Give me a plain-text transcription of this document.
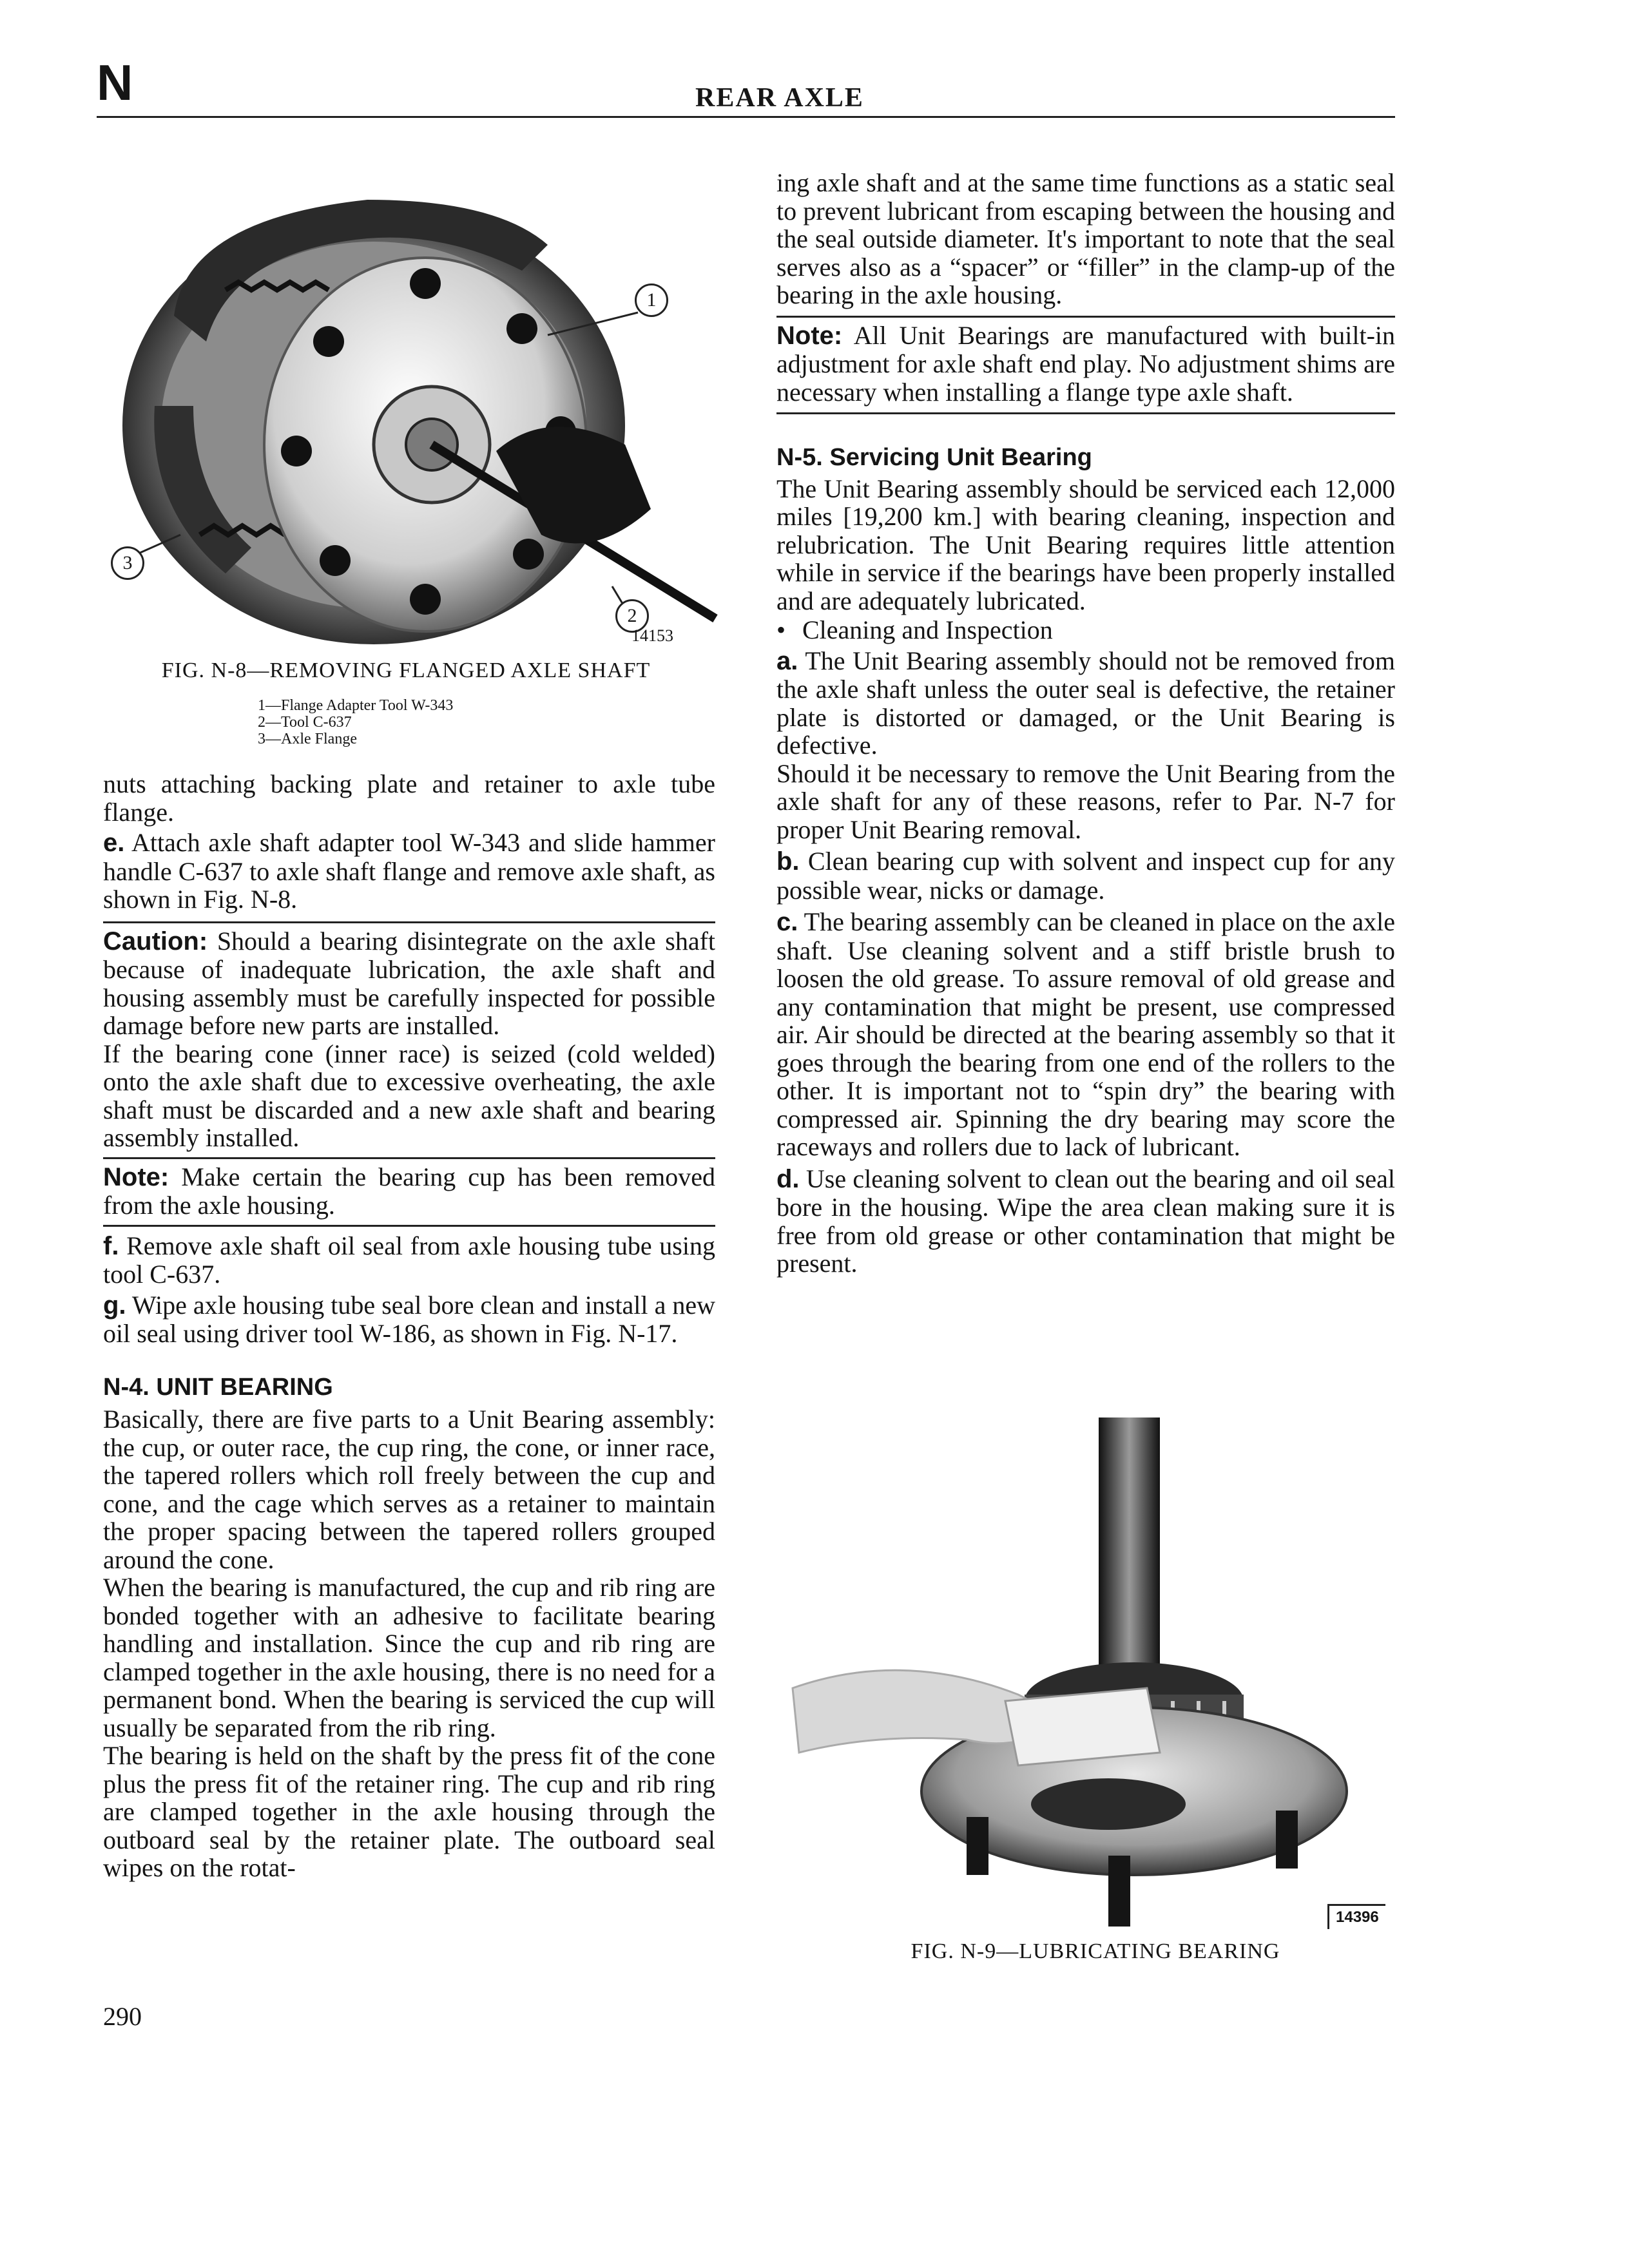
N	REAR AXLE
1
3
2
14153
FIG. N-8—REMOVING FLANGED AXLE SHAFT
1—Flange Adapter Tool W-343
2—Tool C-637
3—Axle Flange

nuts attaching backing plate and retainer to axle tube flange.

e. Attach axle shaft adapter tool W-343 and slide hammer handle C-637 to axle shaft flange and remove axle shaft, as shown in Fig. N-8.

Caution: Should a bearing disintegrate on the axle shaft because of inadequate lubrication, the axle shaft and housing assembly must be carefully inspected for possible damage before new parts are installed.

If the bearing cone (inner race) is seized (cold welded) onto the axle shaft due to excessive overheating, the axle shaft must be discarded and a new axle shaft and bearing assembly installed.

Note: Make certain the bearing cup has been removed from the axle housing.

f. Remove axle shaft oil seal from axle housing tube using tool C-637.

g. Wipe axle housing tube seal bore clean and install a new oil seal using driver tool W-186, as shown in Fig. N-17.

N-4. UNIT BEARING

Basically, there are five parts to a Unit Bearing assembly: the cup, or outer race, the cup ring, the cone, or inner race, the tapered rollers which roll freely between the cup and cone, and the cage which serves as a retainer to maintain the proper spacing between the tapered rollers grouped around the cone.

When the bearing is manufactured, the cup and rib ring are bonded together with an adhesive to facilitate bearing handling and installation. Since the cup and rib ring are clamped together in the axle housing, there is no need for a permanent bond. When the bearing is serviced the cup will usually be separated from the rib ring.

The bearing is held on the shaft by the press fit of the cone plus the press fit of the retainer ring. The cup and rib ring are clamped together in the axle housing through the outboard seal by the retainer plate. The outboard seal wipes on the rotat-

ing axle shaft and at the same time functions as a static seal to prevent lubricant from escaping between the housing and the seal outside diameter. It's important to note that the seal serves also as a “spacer” or “filler” in the clamp-up of the bearing in the axle housing.

Note: All Unit Bearings are manufactured with built-in adjustment for axle shaft end play. No adjustment shims are necessary when installing a flange type axle shaft.

N-5. Servicing Unit Bearing

The Unit Bearing assembly should be serviced each 12,000 miles [19,200 km.] with bearing cleaning, inspection and relubrication. The Unit Bearing requires little attention while in service if the bearings have been properly installed and are adequately lubricated.

• Cleaning and Inspection

a. The Unit Bearing assembly should not be removed from the axle shaft unless the outer seal is defective, the retainer plate is distorted or damaged, or the Unit Bearing is defective.

Should it be necessary to remove the Unit Bearing from the axle shaft for any of these reasons, refer to Par. N-7 for proper Unit Bearing removal.

b. Clean bearing cup with solvent and inspect cup for any possible wear, nicks or damage.

c. The bearing assembly can be cleaned in place on the axle shaft. Use cleaning solvent and a stiff bristle brush to loosen the old grease. To assure removal of old grease and any contamination that might be present, use compressed air. Air should be directed at the bearing assembly so that it goes through the bearing from one end of the rollers to the other. It is important not to “spin dry” the bearing with compressed air. Spinning the dry bearing may score the raceways and rollers due to lack of lubricant.

d. Use cleaning solvent to clean out the bearing and oil seal bore in the housing. Wipe the area clean making sure it is free from old grease or other contamination that might be present.

14396
FIG. N-9—LUBRICATING BEARING
290
